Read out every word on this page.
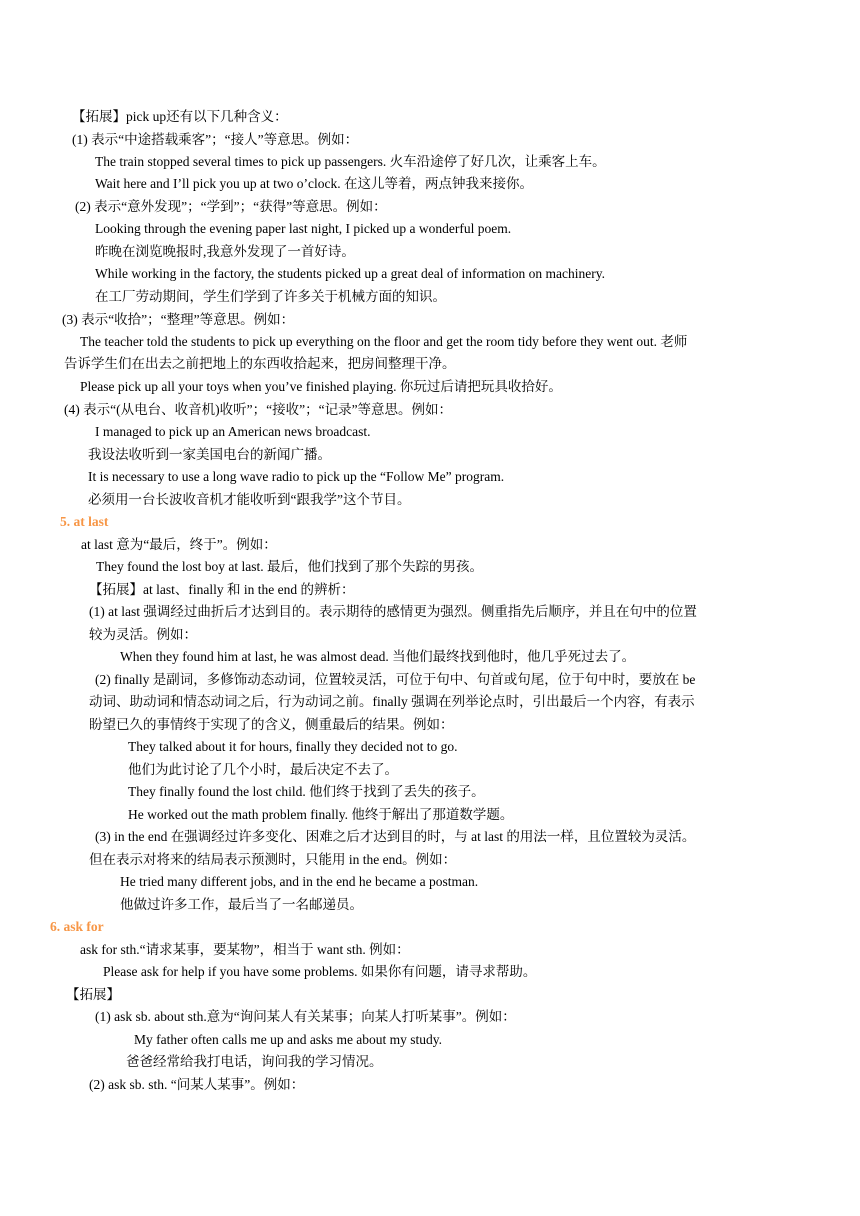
【拓展】pick up还有以下几种含义：
(1) 表示“中途搭载乘客”；“接人”等意思。例如：
The train stopped several times to pick up passengers. 火车沿途停了好几次，让乘客上车。
Wait here and I’ll pick you up at two o’clock. 在这儿等着，两点钟我来接你。
(2) 表示“意外发现”；“学到”；“获得”等意思。例如：
Looking through the evening paper last night, I picked up a wonderful poem.
昨晚在浏览晚报时,我意外发现了一首好诗。
While working in the factory, the students picked up a great deal of information on machinery.
在工厂劳动期间，学生们学到了许多关于机械方面的知识。
(3) 表示“收拾”；“整理”等意思。例如：
The teacher told the students to pick up everything on the floor and get the room tidy before they went out. 老师
告诉学生们在出去之前把地上的东西收拾起来，把房间整理干净。
Please pick up all your toys when you’ve finished playing. 你玩过后请把玩具收拾好。
(4) 表示“(从电台、收音机)收听”；“接收”；“记录”等意思。例如：
I managed to pick up an American news broadcast.
我设法收听到一家美国电台的新闻广播。
It is necessary to use a long wave radio to pick up the “Follow Me” program.
必须用一台长波收音机才能收听到“跟我学”这个节目。
5. at last
at last 意为“最后，终于”。例如：
They found the lost boy at last. 最后，他们找到了那个失踪的男孩。
【拓展】at last、finally 和 in the end 的辨析：
(1) at last 强调经过曲折后才达到目的。表示期待的感情更为强烈。侧重指先后顺序，并且在句中的位置
较为灵活。例如：
When they found him at last, he was almost dead. 当他们最终找到他时，他几乎死过去了。
(2) finally 是副词，多修饰动态动词，位置较灵活，可位于句中、句首或句尾，位于句中时，要放在 be
动词、助动词和情态动词之后，行为动词之前。finally 强调在列举论点时，引出最后一个内容，有表示
盼望已久的事情终于实现了的含义，侧重最后的结果。例如：
They talked about it for hours, finally they decided not to go.
他们为此讨论了几个小时，最后决定不去了。
They finally found the lost child. 他们终于找到了丢失的孩子。
He worked out the math problem finally. 他终于解出了那道数学题。
(3) in the end 在强调经过许多变化、困难之后才达到目的时，与 at last 的用法一样，且位置较为灵活。
但在表示对将来的结局表示预测时，只能用 in the end。例如：
He tried many different jobs, and in the end he became a postman.
他做过许多工作，最后当了一名邮递员。
6. ask for
ask for sth.“请求某事，要某物”，相当于 want sth. 例如：
Please ask for help if you have some problems. 如果你有问题，请寻求帮助。
【拓展】
(1) ask sb. about sth.意为“询问某人有关某事；向某人打听某事”。例如：
My father often calls me up and asks me about my study.
爸爸经常给我打电话，询问我的学习情况。
(2) ask sb. sth. “问某人某事”。例如：
